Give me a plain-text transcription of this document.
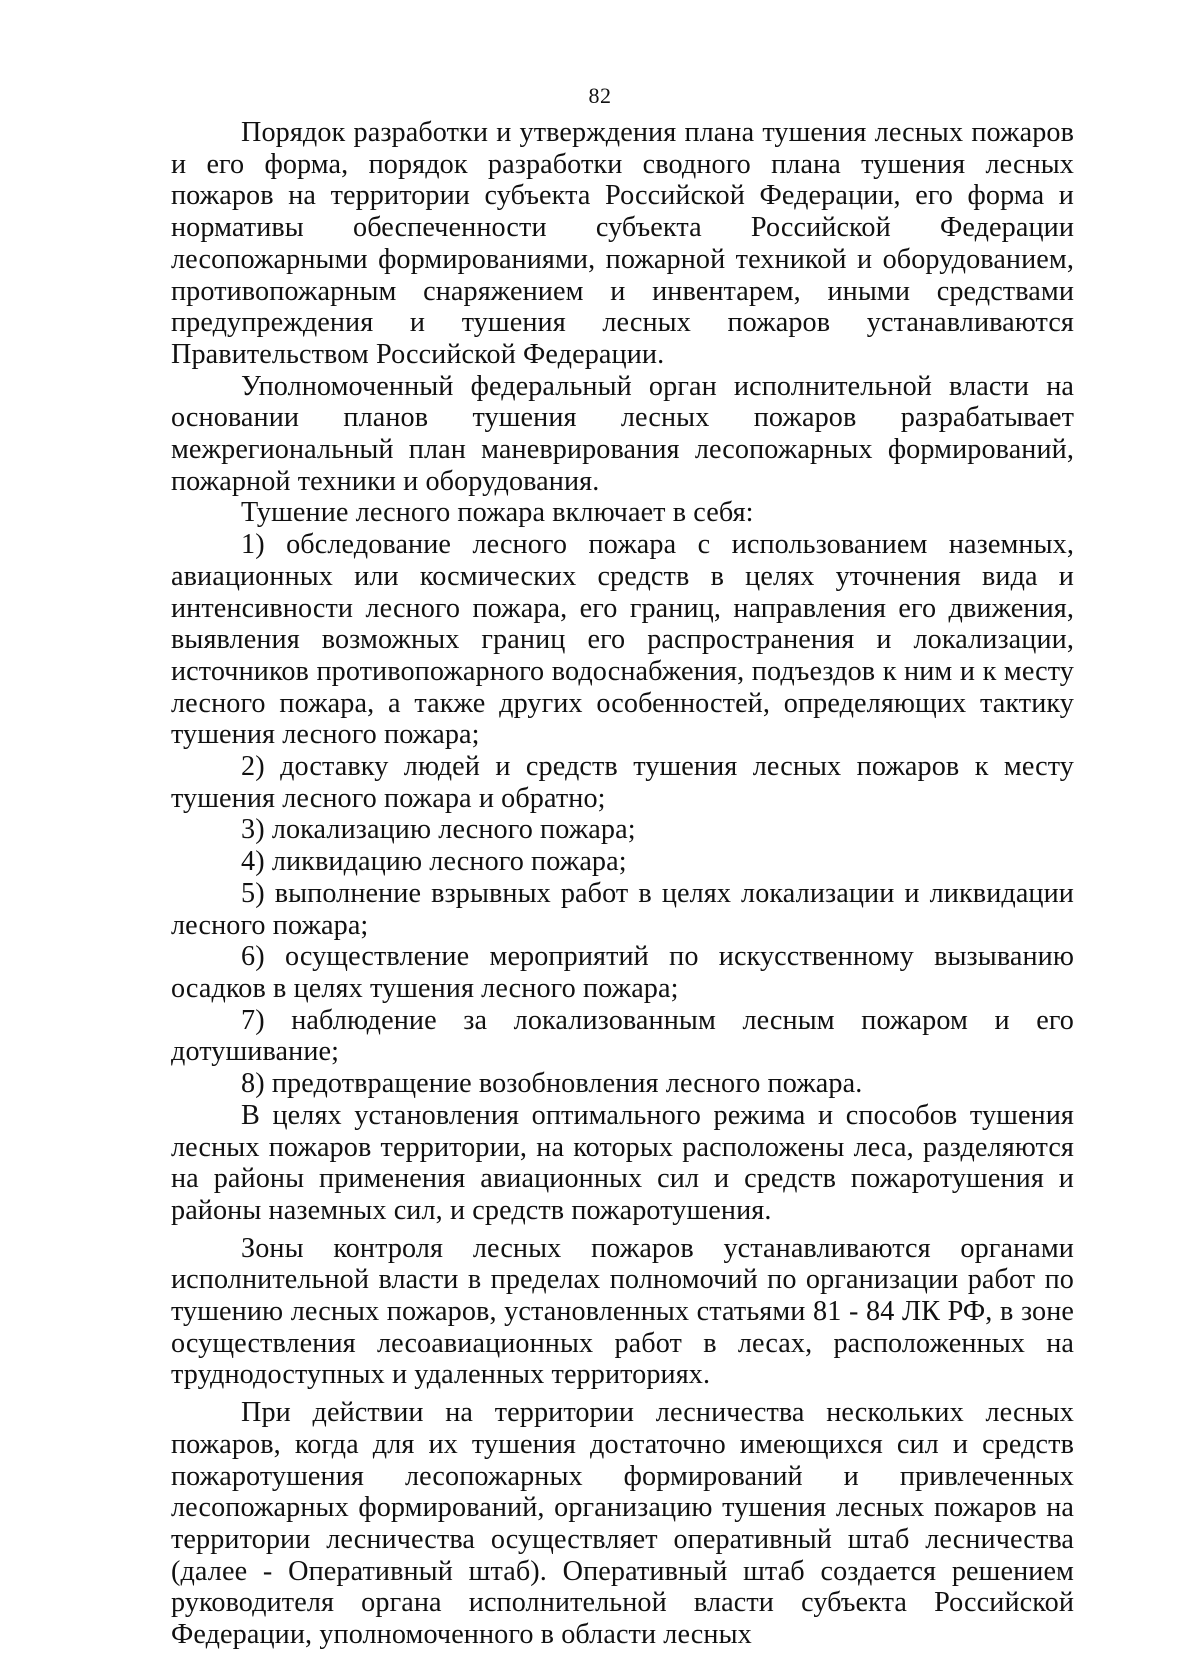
82

Порядок разработки и утверждения плана тушения лесных пожаров и его форма, порядок разработки сводного плана тушения лесных пожаров на территории субъекта Российской Федерации, его форма и нормативы обеспеченности субъекта Российской Федерации лесопожарными формированиями, пожарной техникой и оборудованием, противопожарным снаряжением и инвентарем, иными средствами предупреждения и тушения лесных пожаров устанавливаются Правительством Российской Федерации.

Уполномоченный федеральный орган исполнительной власти на основании планов тушения лесных пожаров разрабатывает межрегиональный план маневрирования лесопожарных формирований, пожарной техники и оборудования.

Тушение лесного пожара включает в себя:

1) обследование лесного пожара с использованием наземных, авиационных или космических средств в целях уточнения вида и интенсивности лесного пожара, его границ, направления его движения, выявления возможных границ его распространения и локализации, источников противопожарного водоснабжения, подъездов к ним и к месту лесного пожара, а также других особенностей, определяющих тактику тушения лесного пожара;

2) доставку людей и средств тушения лесных пожаров к месту тушения лесного пожара и обратно;

3) локализацию лесного пожара;

4) ликвидацию лесного пожара;

5) выполнение взрывных работ в целях локализации и ликвидации лесного пожара;

6) осуществление мероприятий по искусственному вызыванию осадков в целях тушения лесного пожара;

7) наблюдение за локализованным лесным пожаром и его дотушивание;

8) предотвращение возобновления лесного пожара.

В целях установления оптимального режима и способов тушения лесных пожаров территории, на которых расположены леса, разделяются на районы применения авиационных сил и средств пожаротушения и районы наземных сил, и средств пожаротушения.

Зоны контроля лесных пожаров устанавливаются органами исполнительной власти в пределах полномочий по организации работ по тушению лесных пожаров, установленных статьями 81 - 84 ЛК РФ, в зоне осуществления лесоавиационных работ в лесах, расположенных на труднодоступных и удаленных территориях.

При действии на территории лесничества нескольких лесных пожаров, когда для их тушения достаточно имеющихся сил и средств пожаротушения лесопожарных формирований и привлеченных лесопожарных формирований, организацию тушения лесных пожаров на территории лесничества осуществляет оперативный штаб лесничества (далее - Оперативный штаб). Оперативный штаб создается решением руководителя органа исполнительной власти субъекта Российской Федерации, уполномоченного в области лесных
